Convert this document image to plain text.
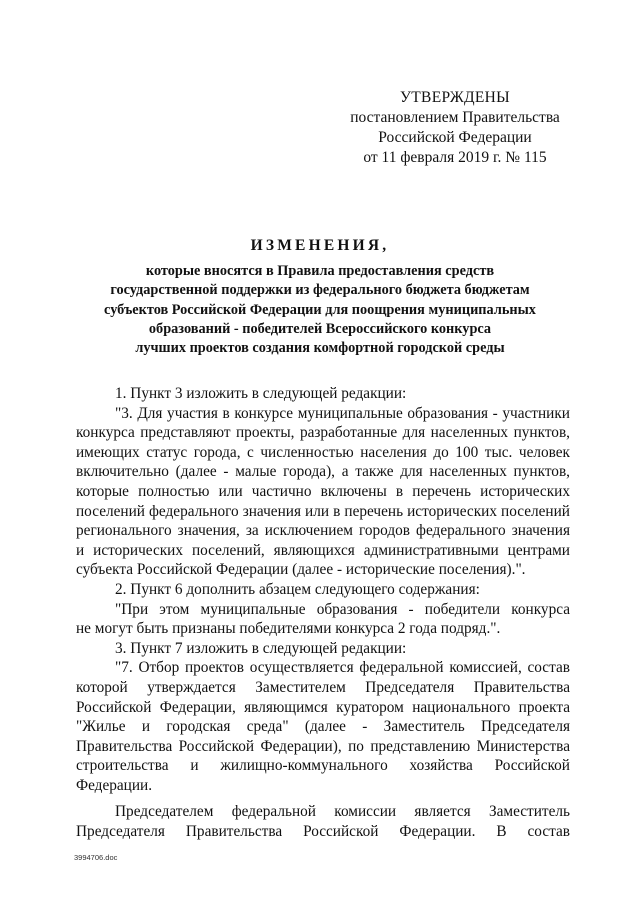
УТВЕРЖДЕНЫ
постановлением Правительства
Российской Федерации
от 11 февраля 2019 г. № 115
ИЗМЕНЕНИЯ,
которые вносятся в Правила предоставления средств
государственной поддержки из федерального бюджета бюджетам
субъектов Российской Федерации для поощрения муниципальных
образований - победителей Всероссийского конкурса
лучших проектов создания комфортной городской среды
1. Пункт 3 изложить в следующей редакции:
"3. Для участия в конкурсе муниципальные образования - участники
конкурса представляют проекты, разработанные для населенных пунктов,
имеющих статус города, с численностью населения до 100 тыс. человек
включительно (далее - малые города), а также для населенных пунктов,
которые полностью или частично включены в перечень исторических
поселений федерального значения или в перечень исторических поселений
регионального значения, за исключением городов федерального значения
и исторических поселений, являющихся административными центрами
субъекта Российской Федерации (далее - исторические поселения).".
2. Пункт 6 дополнить абзацем следующего содержания:
"При этом муниципальные образования - победители конкурса
не могут быть признаны победителями конкурса 2 года подряд.".
3. Пункт 7 изложить в следующей редакции:
"7. Отбор проектов осуществляется федеральной комиссией, состав
которой утверждается Заместителем Председателя Правительства
Российской Федерации, являющимся куратором национального проекта
"Жилье и городская среда" (далее - Заместитель Председателя
Правительства Российской Федерации), по представлению Министерства
строительства и жилищно-коммунального хозяйства Российской
Федерации.
Председателем федеральной комиссии является Заместитель
Председателя Правительства Российской Федерации. В состав
3994706.doc
